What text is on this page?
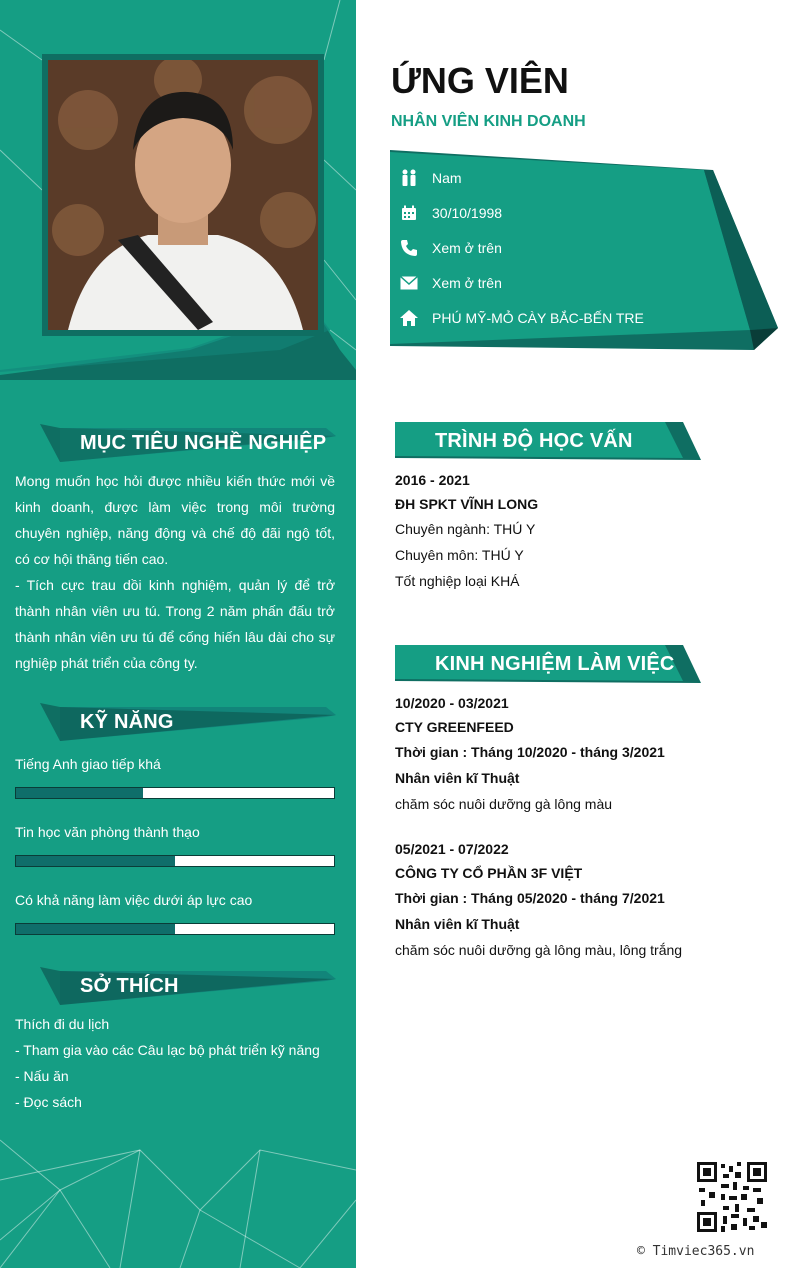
MỤC TIÊU NGHỀ NGHIỆP
Mong muốn học hỏi được nhiều kiến thức mới về kinh doanh, được làm việc trong môi trường chuyên nghiệp, năng động và chế độ đãi ngộ tốt, có cơ hội thăng tiến cao.
- Tích cực trau dồi kinh nghiệm, quản lý để trở thành nhân viên ưu tú. Trong 2 năm phấn đấu trở thành nhân viên ưu tú để cống hiến lâu dài cho sự nghiệp phát triển của công ty.
KỸ NĂNG
Tiếng Anh giao tiếp khá
Tin học văn phòng thành thạo
Có khả năng làm việc dưới áp lực cao
SỞ THÍCH
Thích đi du lịch
- Tham gia vào các Câu lạc bộ phát triển kỹ năng
- Nấu ăn
- Đọc sách
ỨNG VIÊN
NHÂN VIÊN KINH DOANH
Nam
30/10/1998
Xem ở trên
Xem ở trên
PHÚ MỸ-MỎ CÀY BẮC-BẾN TRE
TRÌNH ĐỘ HỌC VẤN
2016 - 2021
ĐH SPKT VĨNH LONG
Chuyên ngành: THÚ Y
Chuyên môn: THÚ Y
Tốt nghiệp loại KHÁ
KINH NGHIỆM LÀM VIỆC
10/2020 - 03/2021
CTY GREENFEED
Thời gian : Tháng 10/2020 - tháng 3/2021
Nhân viên kĩ Thuật
chăm sóc nuôi dưỡng gà lông màu
05/2021 - 07/2022
CÔNG TY CỔ PHẦN 3F VIỆT
Thời gian : Tháng 05/2020 - tháng 7/2021
Nhân viên kĩ Thuật
chăm sóc nuôi dưỡng gà lông màu, lông trắng
© Timviec365.vn
